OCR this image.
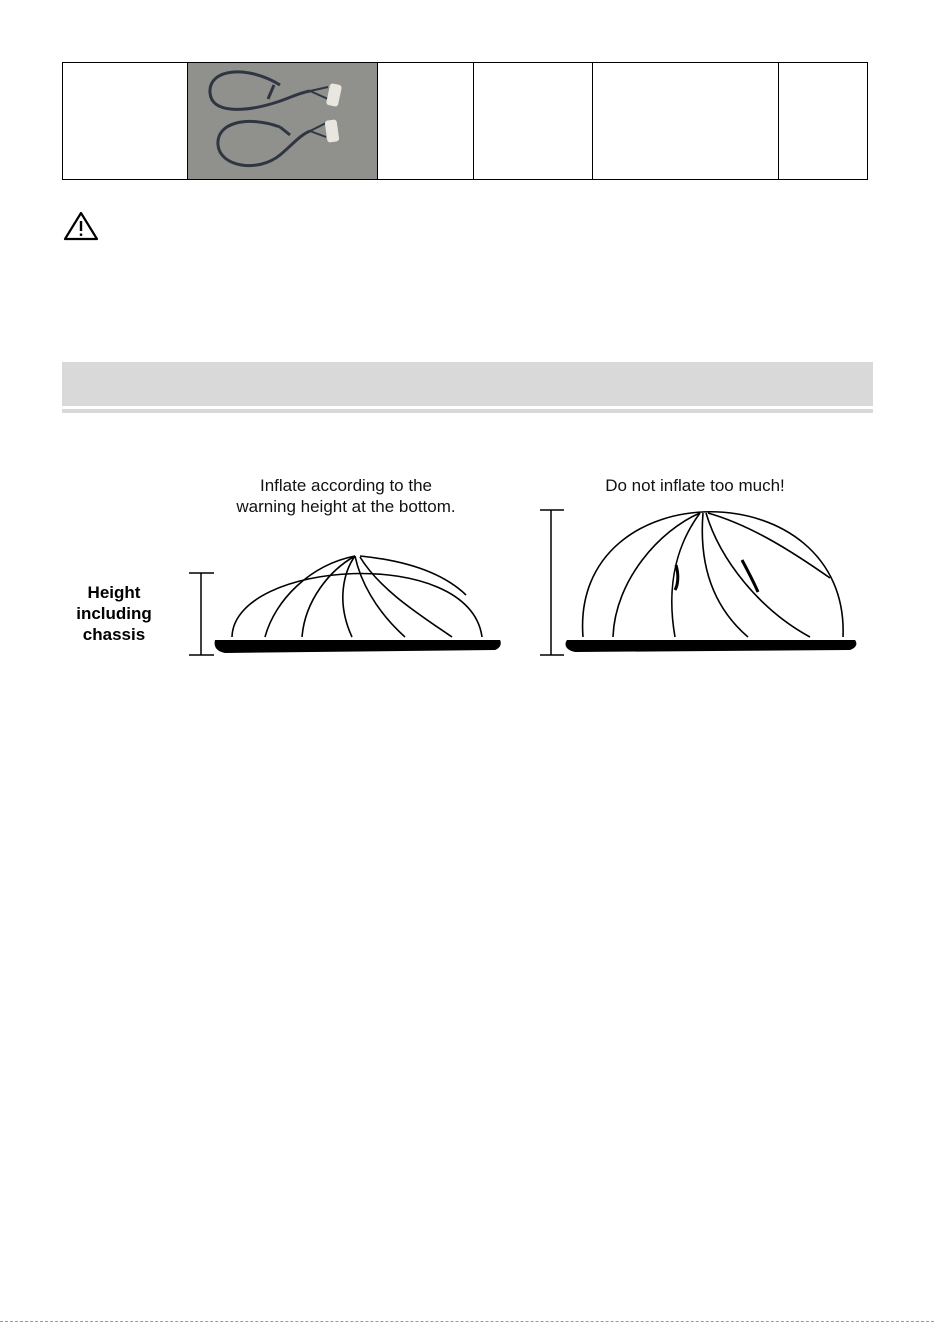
Inflate according to the
warning height at the bottom.
Do not inflate too much!
Height
including
chassis
